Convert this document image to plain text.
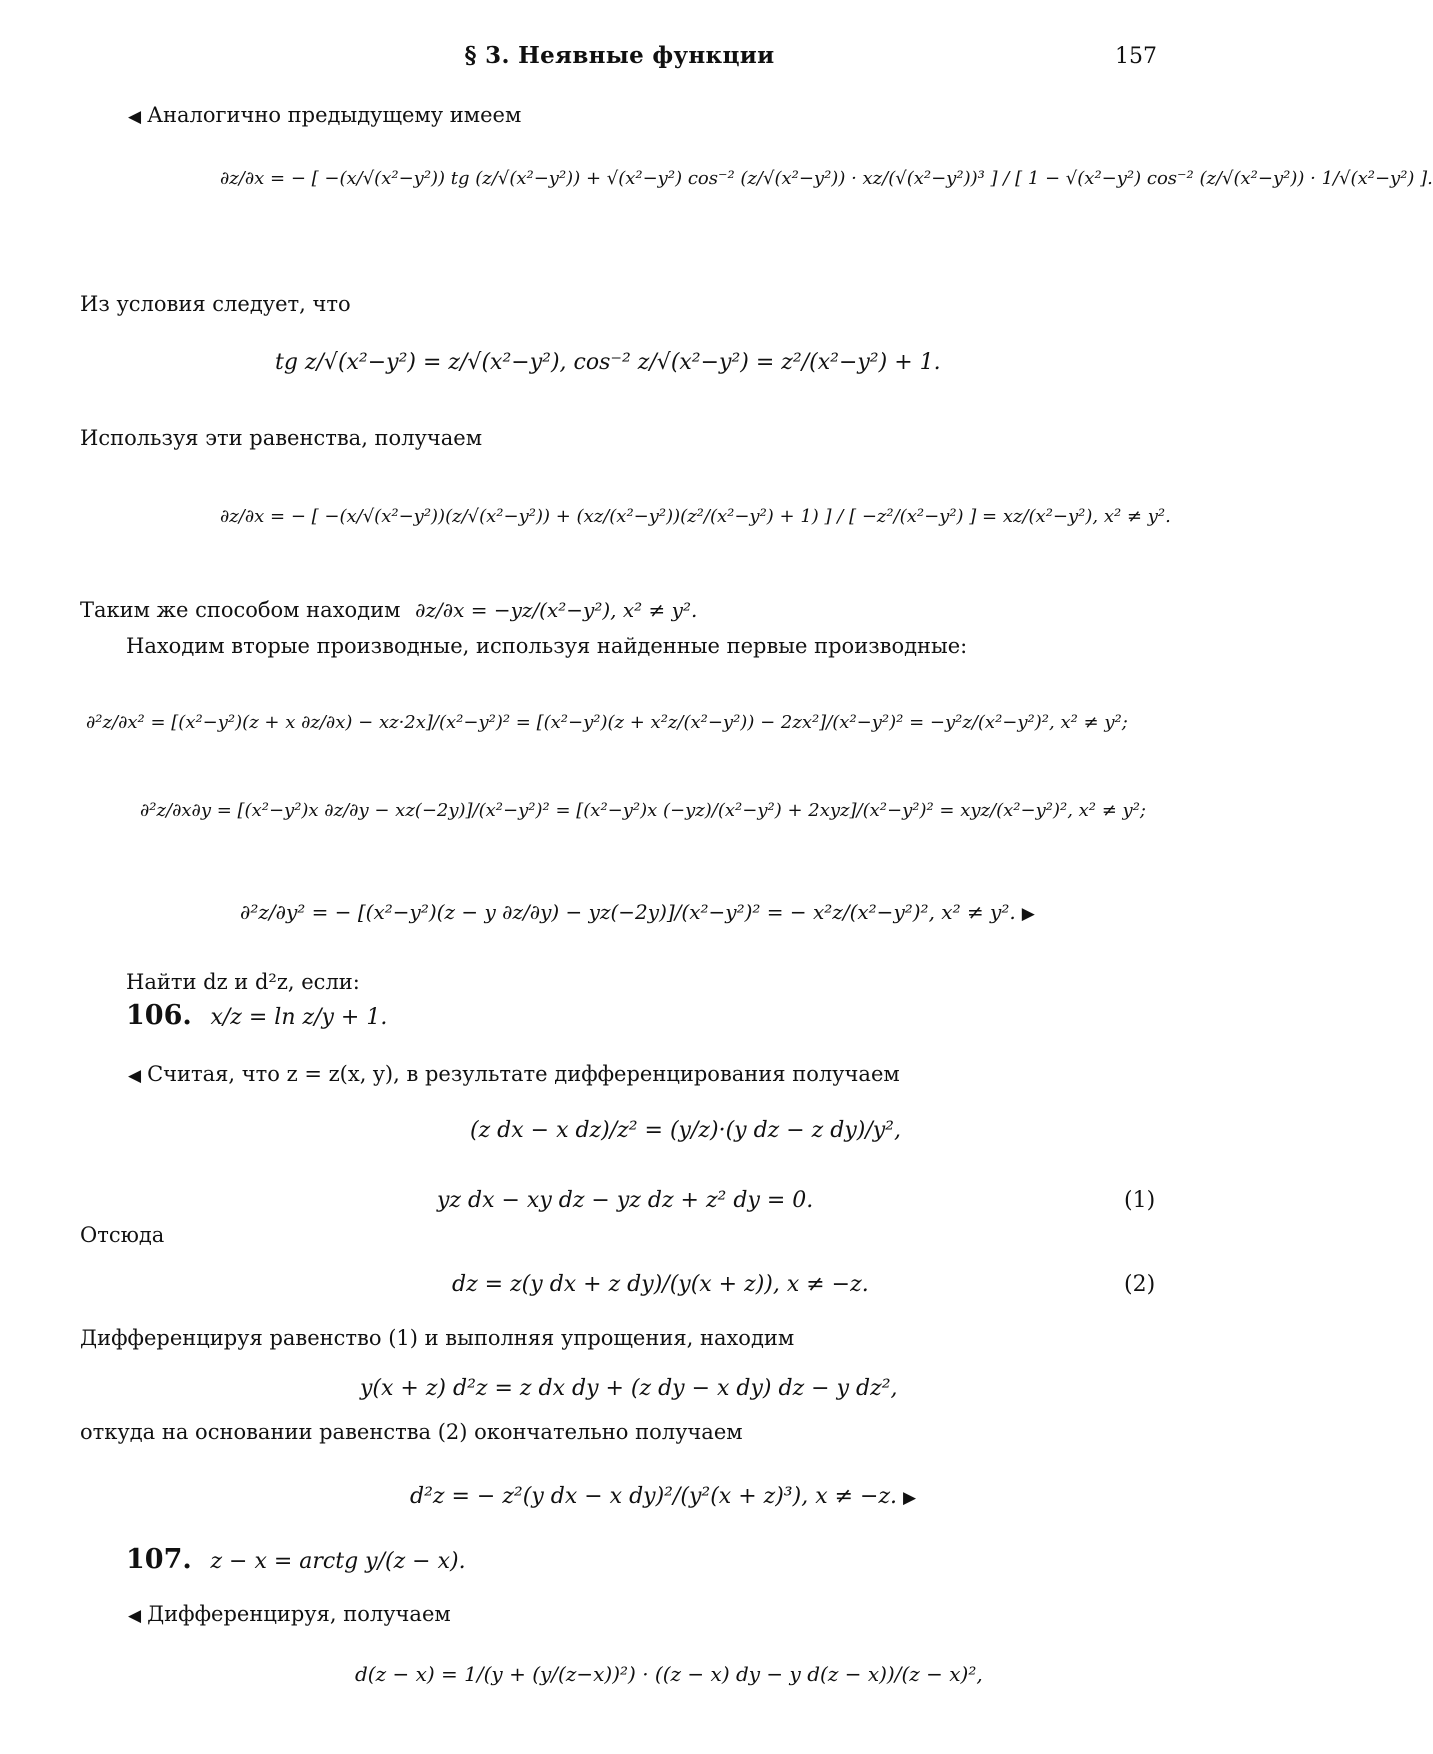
§ 3. Неявные функции	157
◀ Аналогично предыдущему имеем
∂z/∂x = − [ −(x/√(x²−y²)) tg (z/√(x²−y²)) + √(x²−y²) cos⁻² (z/√(x²−y²)) · xz/(√(x²−y²))³ ] / [ 1 − √(x²−y²) cos⁻² (z/√(x²−y²)) · 1/√(x²−y²) ].
Из условия следует, что
tg z/√(x²−y²) = z/√(x²−y²), cos⁻² z/√(x²−y²) = z²/(x²−y²) + 1.
Используя эти равенства, получаем
∂z/∂x = − [ −(x/√(x²−y²))(z/√(x²−y²)) + (xz/(x²−y²))(z²/(x²−y²) + 1) ] / [ −z²/(x²−y²) ] = xz/(x²−y²), x² ≠ y².
Таким же способом находим ∂z/∂x = −yz/(x²−y²), x² ≠ y².
Находим вторые производные, используя найденные первые производные:
∂²z/∂x² = [(x²−y²)(z + x ∂z/∂x) − xz·2x]/(x²−y²)² = [(x²−y²)(z + x²z/(x²−y²)) − 2zx²]/(x²−y²)² = −y²z/(x²−y²)², x² ≠ y²;
∂²z/∂x∂y = [(x²−y²)x ∂z/∂y − xz(−2y)]/(x²−y²)² = [(x²−y²)x (−yz)/(x²−y²) + 2xyz]/(x²−y²)² = xyz/(x²−y²)², x² ≠ y²;
∂²z/∂y² = − [(x²−y²)(z − y ∂z/∂y) − yz(−2y)]/(x²−y²)² = − x²z/(x²−y²)², x² ≠ y². ▶
Найти dz и d²z, если:
106. x/z = ln z/y + 1.
◀ Считая, что z = z(x, y), в результате дифференцирования получаем
(z dx − x dz)/z² = (y/z)·(y dz − z dy)/y²,
yz dx − xy dz − yz dz + z² dy = 0.	(1)
Отсюда
dz = z(y dx + z dy)/(y(x + z)), x ≠ −z.	(2)
Дифференцируя равенство (1) и выполняя упрощения, находим
y(x + z) d²z = z dx dy + (z dy − x dy) dz − y dz²,
откуда на основании равенства (2) окончательно получаем
d²z = − z²(y dx − x dy)²/(y²(x + z)³), x ≠ −z. ▶
107. z − x = arctg y/(z − x).
◀ Дифференцируя, получаем
d(z − x) = 1/(y + (y/(z−x))²) · ((z − x) dy − y d(z − x))/(z − x)²,
